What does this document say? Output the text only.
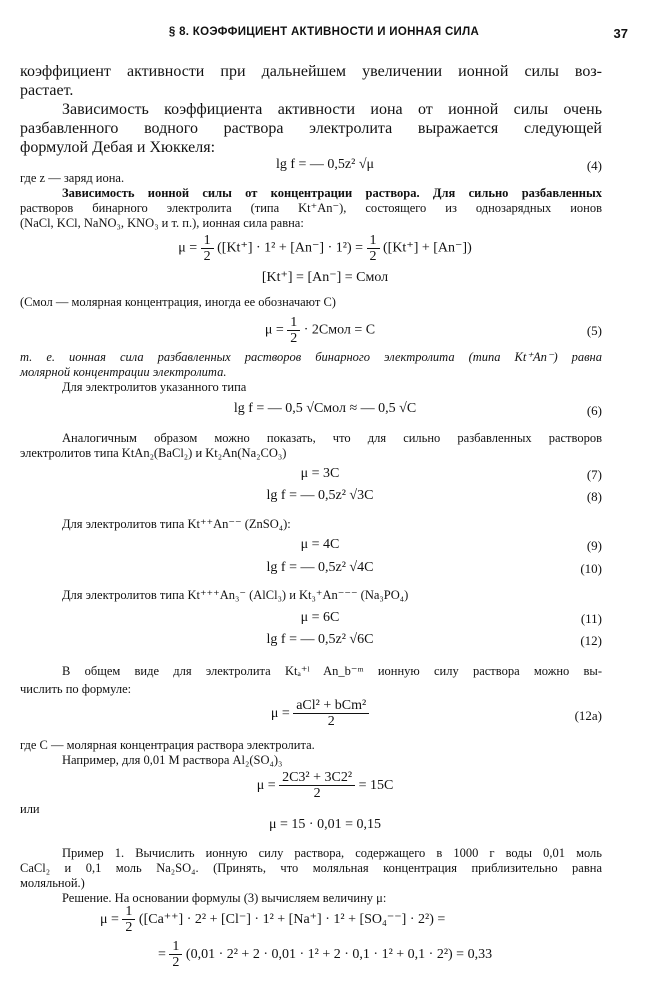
§ 8. КОЭФФИЦИЕНТ АКТИВНОСТИ И ИОННАЯ СИЛА	37
коэффициент активности при дальнейшем увеличении ионной силы воз-
растает.
Зависимость коэффициента активности иона от ионной силы очень
разбавленного водного раствора электролита выражается следующей
формулой Дебая и Хюккеля:
lg f = — 0,5z² √μ	(4)
где z — заряд иона.
Зависимость ионной силы от концентрации раствора. Для сильно разбавленных
растворов бинарного электролита (типа Kt⁺An⁻), состоящего из однозарядных ионов
(NaCl, KCl, NaNO₃, KNO₃ и т. п.), ионная сила равна:
$\mu = \frac{1}{2} ([Kt^+] \cdot 1^2 + [An^-] \cdot 1^2) = \frac{1}{2} ([Kt^+] + [An^-])$
[Kt⁺] = [An⁻] = Cмол
(Cмол — молярная концентрация, иногда ее обозначают C)
$\mu = \frac{1}{2}$ · 2Cмол = C	(5)
т. е. ионная сила разбавленных растворов бинарного электролита (типа Kt⁺An⁻) равна
молярной концентрации электролита.
Для электролитов указанного типа
lg f = — 0,5 √Cмол ≈ — 0,5 √C	(6)
Аналогичным образом можно показать, что для сильно разбавленных растворов
электролитов типа KtAn₂(BaCl₂) и Kt₂An(Na₂CO₃)
μ = 3C	(7)
lg f = — 0,5z² √3C	(8)
Для электролитов типа Kt⁺⁺An⁻⁻ (ZnSO₄):
μ = 4C	(9)
lg f = — 0,5z² √4C	(10)
Для электролитов типа Kt⁺⁺⁺An₃⁻ (AlCl₃) и Kt₃⁺An⁻⁻⁻ (Na₃PO₄)
μ = 6C	(11)
lg f = — 0,5z² √6C	(12)
В общем виде для электролита Ktₐ⁺ˡ An_b⁻ᵐ ионную силу раствора можно вы-
числить по формуле:
$\mu = \frac{\text{aCl² + bCm²}}{2}$	(12a)
где C — молярная концентрация раствора электролита.
Например, для 0,01 M раствора Al₂(SO₄)₃
$\mu = \frac{\text{2C3² + 3C2²}}{2} = 15C$
или
μ = 15 · 0,01 = 0,15
Пример 1. Вычислить ионную силу раствора, содержащего в 1000 г воды 0,01 моль
CaCl₂ и 0,1 моль Na₂SO₄. (Принять, что моляльная концентрация приблизительно равна
моляльной.)
Решение. На основании формулы (3) вычисляем величину μ:
$\mu = \frac{1}{2} ([Ca^{++}] \cdot 2^2 + [Cl^-] \cdot 1^2 + [Na^+] \cdot 1^2 + [SO_4^{--}] \cdot 2^2)$ =
= $\frac{1}{2} (0,01 \cdot 2^2 + 2 \cdot 0,01 \cdot 1^2 + 2 \cdot 0,1 \cdot 1^2 + 0,1 \cdot 2^2) = 0,33$
